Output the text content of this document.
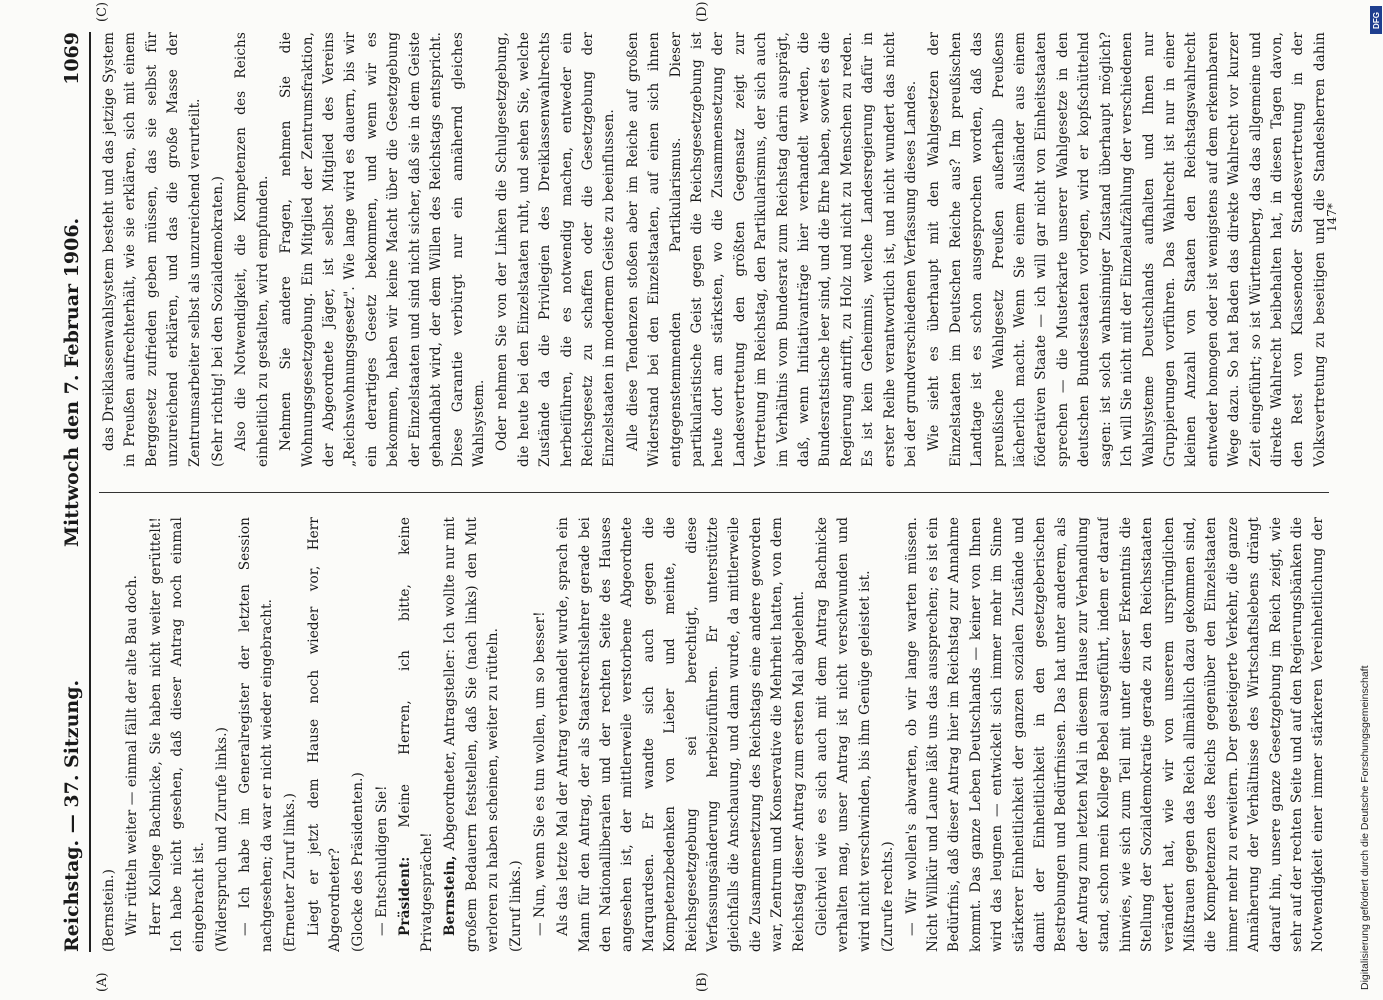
Reichstag. — 37. Sitzung.
Mittwoch den 7. Februar 1906.
1069

(Bernstein.) Wir rütteln weiter — einmal fällt der alte Bau doch. Herr Kollege Bachnicke, Sie haben nicht weiter gerüttelt! Ich habe nicht gesehen, daß dieser Antrag noch einmal eingebracht ist. (Widerspruch und Zurufe links.) — Ich habe im Generalregister der letzten Session nachgesehen; da war er nicht wieder eingebracht. (Erneuter Zuruf links.) Liegt er jetzt dem Hause noch wieder vor, Herr Abgeordneter? (Glocke des Präsidenten.) — Entschuldigen Sie! Präsident: Meine Herren, ich bitte, keine Privatgespräche! Bernstein, Abgeordneter, Antragsteller: Ich wollte nur mit großem Bedauern feststellen, daß Sie (nach links) den Mut verloren zu haben scheinen, weiter zu rütteln. (Zuruf links.) — Nun, wenn Sie es tun wollen, um so besser! Als das letzte Mal der Antrag verhandelt wurde, sprach ein Mann für den Antrag, der als Staatsrechtslehrer gerade bei den Nationalliberalen und der rechten Seite des Hauses angesehen ist, der mittlerweile verstorbene Abgeordnete Marquardsen. Er wandte sich auch gegen die Kompetenzbedenken von Lieber und meinte, die Reichsgesetzgebung sei berechtigt, diese Verfassungsänderung herbeizuführen. Er unterstützte gleichfalls die Anschauung, und dann wurde, da mittlerweile die Zusammensetzung des Reichstags eine andere geworden war, Zentrum und Konservative die Mehrheit hatten, von dem Reichstag dieser Antrag zum ersten Mal abgelehnt. Gleichviel wie es sich auch mit dem Antrag Bachnicke verhalten mag, unser Antrag ist nicht verschwunden und wird nicht verschwinden, bis ihm Genüge geleistet ist. (Zurufe rechts.) — Wir wollen's abwarten, ob wir lange warten müssen. Nicht Willkür und Laune läßt uns das aussprechen; es ist ein Bedürfnis, daß dieser Antrag hier im Reichstag zur Annahme kommt. Das ganze Leben Deutschlands — keiner von Ihnen wird das leugnen — entwickelt sich immer mehr im Sinne stärkerer Einheitlichkeit der ganzen sozialen Zustände und damit der Einheitlichkeit in den gesetzgeberischen Bestrebungen und Bedürfnissen. Das hat unter anderem, als der Antrag zum letzten Mal in diesem Hause zur Verhandlung stand, schon mein Kollege Bebel ausgeführt, indem er darauf hinwies, wie sich zum Teil mit unter dieser Erkenntnis die Stellung der Sozialdemokratie gerade zu den Reichsstaaten verändert hat, wie wir von unserem ursprünglichen Mißtrauen gegen das Reich allmählich dazu gekommen sind, die Kompetenzen des Reichs gegenüber den Einzelstaaten immer mehr zu erweitern. Der gesteigerte Verkehr, die ganze Annäherung der Verhältnisse des Wirtschaftslebens drängt darauf hin, unsere ganze Gesetzgebung im Reich zeigt, wie sehr auf der rechten Seite und auf den Regierungsbänken die Notwendigkeit einer immer stärkeren Vereinheitlichung der

das Dreiklassenwahlsystem besteht und das jetzige System in Preußen aufrechterhält, wie sie erklären, sich mit einem Berggesetz zufrieden geben müssen, das sie selbst für unzureichend erklären, und das die große Masse der Zentrumsarbeiter selbst als unzureichend verurteilt. (Sehr richtig! bei den Sozialdemokraten.) Also die Notwendigkeit, die Kompetenzen des Reichs einheitlich zu gestalten, wird empfunden. Nehmen Sie andere Fragen, nehmen Sie die Wohnungsgesetzgebung. Ein Mitglied der Zentrumsfraktion, der Abgeordnete Jäger, ist selbst Mitglied des Vereins „Reichswohnungsgesetz". Wie lange wird es dauern, bis wir ein derartiges Gesetz bekommen, und wenn wir es bekommen, haben wir keine Macht über die Gesetzgebung der Einzelstaaten und sind nicht sicher, daß sie in dem Geiste gehandhabt wird, der dem Willen des Reichstags entspricht. Diese Garantie verbürgt nur ein annähernd gleiches Wahlsystem. Oder nehmen Sie von der Linken die Schulgesetzgebung, die heute bei den Einzelstaaten ruht, und sehen Sie, welche Zustände da die Privilegien des Dreiklassenwahlrechts herbeiführen, die es notwendig machen, entweder ein Reichsgesetz zu schaffen oder die Gesetzgebung der Einzelstaaten in modernem Geiste zu beeinflussen. Alle diese Tendenzen stoßen aber im Reiche auf großen Widerstand bei den Einzelstaaten, auf einen sich ihnen entgegenstemmenden Partikularismus. Dieser partikularistische Geist gegen die Reichsgesetzgebung ist heute dort am stärksten, wo die Zusammensetzung der Landesvertretung den größten Gegensatz zeigt zur Vertretung im Reichstag, den Partikularismus, der sich auch im Verhältnis vom Bundesrat zum Reichstag darin ausprägt, daß, wenn Initiativanträge hier verhandelt werden, die Bundesratstische leer sind, und die Ehre haben, soweit es die Regierung antrifft, zu Holz und nicht zu Menschen zu reden. Es ist kein Geheimnis, welche Landesregierung dafür in erster Reihe verantwortlich ist, und nicht wundert das nicht bei der grundverschiedenen Verfassung dieses Landes. Wie sieht es überhaupt mit den Wahlgesetzen der Einzelstaaten im Deutschen Reiche aus? Im preußischen Landtage ist es schon ausgesprochen worden, daß das preußische Wahlgesetz Preußen außerhalb Preußens lächerlich macht. Wenn Sie einem Ausländer aus einem föderativen Staate — ich will gar nicht von Einheitsstaaten sprechen — die Musterkarte unserer Wahlgesetze in den deutschen Bundesstaaten vorlegen, wird er kopfschüttelnd sagen: ist solch wahnsinniger Zustand überhaupt möglich? Ich will Sie nicht mit der Einzelaufzählung der verschiedenen Wahlsysteme Deutschlands aufhalten und Ihnen nur Gruppierungen vorführen. Das Wahlrecht ist nur in einer kleinen Anzahl von Staaten den Reichstagswahlrecht entweder homogen oder ist wenigstens auf dem erkennbaren Wege dazu. So hat Baden das direkte Wahlrecht vor kurzer Zeit eingeführt; so ist Württemberg, das das allgemeine und direkte Wahlrecht beibehalten hat, in diesen Tagen davon, den Rest von Klassenoder Standesvertretung in der Volksvertretung zu beseitigen und die Standesherren dahin

(A)	(B)
(C)	(D)
147*
Digitalisierung gefördert durch die Deutsche Forschungsgemeinschaft
DFG
